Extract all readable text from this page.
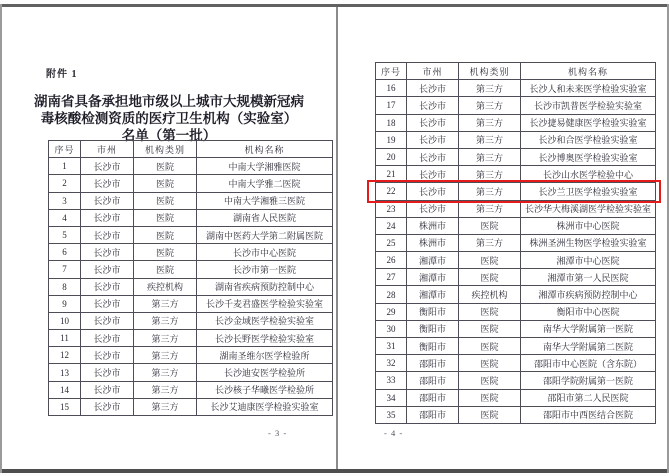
附件 1
湖南省具备承担地市级以上城市大规模新冠病
毒核酸检测资质的医疗卫生机构（实验室）
名单（第一批）
序号	市州	机构类别	机构名称
1	长沙市	医院	中南大学湘雅医院
2	长沙市	医院	中南大学雅二医院
3	长沙市	医院	中南大学湘雅三医院
4	长沙市	医院	湖南省人民医院
5	长沙市	医院	湖南中医药大学第二附属医院
6	长沙市	医院	长沙市中心医院
7	长沙市	医院	长沙市第一医院
8	长沙市	疾控机构	湖南省疾病预防控制中心
9	长沙市	第三方	长沙千麦君盛医学检验实验室
10	长沙市	第三方	长沙金域医学检验实验室
11	长沙市	第三方	长沙长野医学检验实验室
12	长沙市	第三方	湖南圣维尔医学检验所
13	长沙市	第三方	长沙迪安医学检验所
14	长沙市	第三方	长沙核子华曦医学检验所
15	长沙市	第三方	长沙艾迪康医学检验实验室
- 3 -
序号	市州	机构类别	机构名称
16	长沙市	第三方	长沙人和未来医学检验实验室
17	长沙市	第三方	长沙市凯普医学检验实验室
18	长沙市	第三方	长沙捷易健康医学检验实验室
19	长沙市	第三方	长沙和合医学检验实验室
20	长沙市	第三方	长沙博奥医学检验实验室
21	长沙市	第三方	长沙山水医学检验中心
22	长沙市	第三方	长沙兰卫医学检验实验室
23	长沙市	第三方	长沙华大梅溪湖医学检验实验室
24	株洲市	医院	株洲市中心医院
25	株洲市	第三方	株洲圣洲生物医学检验实验室
26	湘潭市	医院	湘潭市中心医院
27	湘潭市	医院	湘潭市第一人民医院
28	湘潭市	疾控机构	湘潭市疾病预防控制中心
29	衡阳市	医院	衡阳市中心医院
30	衡阳市	医院	南华大学附属第一医院
31	衡阳市	医院	南华大学附属第二医院
32	邵阳市	医院	邵阳市中心医院（含东院）
33	邵阳市	医院	邵阳学院附属第一医院
34	邵阳市	医院	邵阳市第二人民医院
35	邵阳市	医院	邵阳市中西医结合医院
- 4 -
